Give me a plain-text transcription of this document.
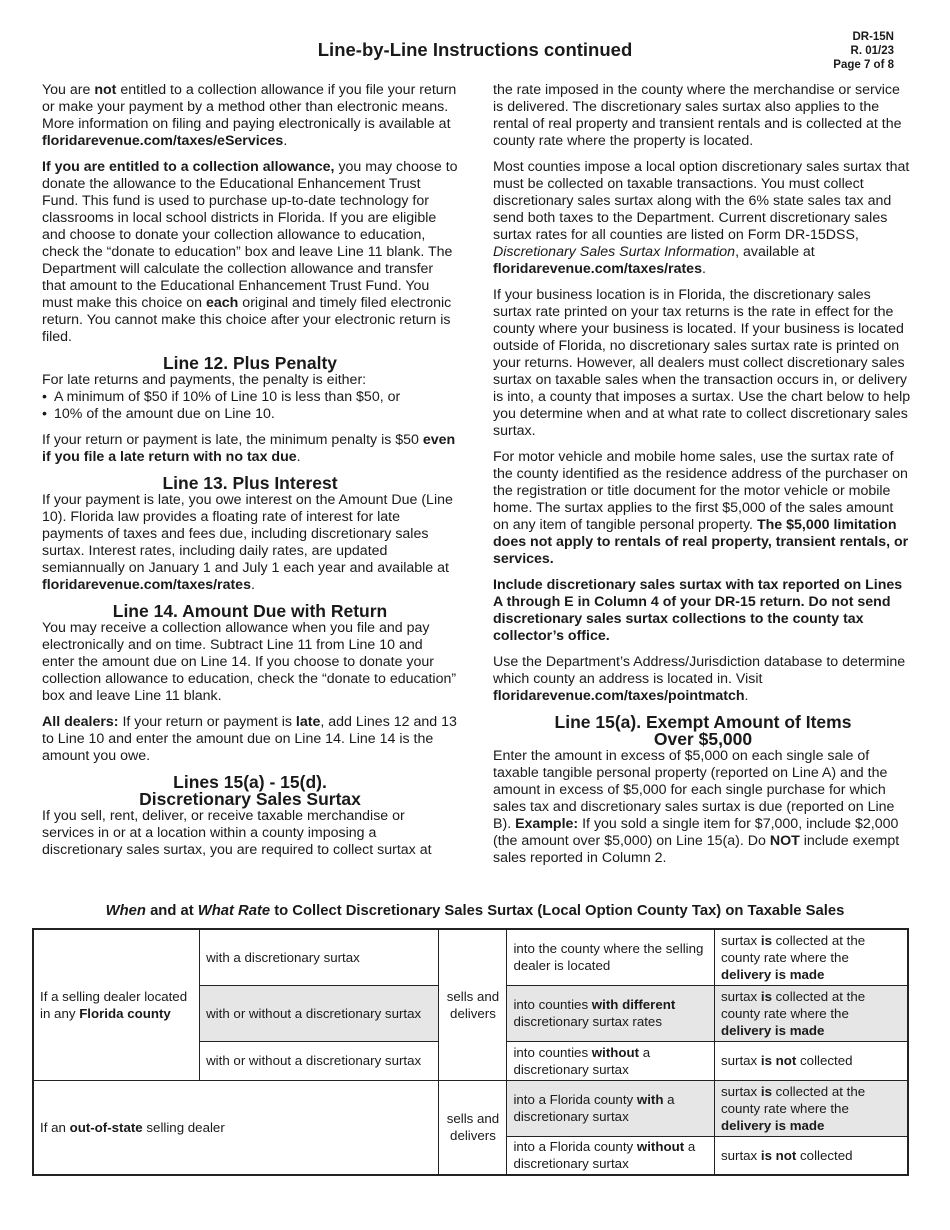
Line-by-Line Instructions continued
DR-15N
R. 01/23
Page 7 of 8

You are not entitled to a collection allowance if you file your return or make your payment by a method other than electronic means. More information on filing and paying electronically is available at floridarevenue.com/taxes/eServices.

If you are entitled to a collection allowance, you may choose to donate the allowance to the Educational Enhancement Trust Fund. This fund is used to purchase up-to-date technology for classrooms in local school districts in Florida. If you are eligible and choose to donate your collection allowance to education, check the “donate to education” box and leave Line 11 blank. The Department will calculate the collection allowance and transfer that amount to the Educational Enhancement Trust Fund. You must make this choice on each original and timely filed electronic return. You cannot make this choice after your electronic return is filed.

Line 12. Plus Penalty

For late returns and payments, the penalty is either:

• A minimum of $50 if 10% of Line 10 is less than $50, or
• 10% of the amount due on Line 10.

If your return or payment is late, the minimum penalty is $50 even if you file a late return with no tax due.

Line 13. Plus Interest

If your payment is late, you owe interest on the Amount Due (Line 10). Florida law provides a floating rate of interest for late payments of taxes and fees due, including discretionary sales surtax. Interest rates, including daily rates, are updated semiannually on January 1 and July 1 each year and available at floridarevenue.com/taxes/rates.

Line 14. Amount Due with Return

You may receive a collection allowance when you file and pay electronically and on time. Subtract Line 11 from Line 10 and enter the amount due on Line 14. If you choose to donate your collection allowance to education, check the “donate to education” box and leave Line 11 blank.

All dealers: If your return or payment is late, add Lines 12 and 13 to Line 10 and enter the amount due on Line 14. Line 14 is the amount you owe.

Lines 15(a) - 15(d).
Discretionary Sales Surtax

If you sell, rent, deliver, or receive taxable merchandise or services in or at a location within a county imposing a discretionary sales surtax, you are required to collect surtax at

the rate imposed in the county where the merchandise or service is delivered. The discretionary sales surtax also applies to the rental of real property and transient rentals and is collected at the county rate where the property is located.

Most counties impose a local option discretionary sales surtax that must be collected on taxable transactions. You must collect discretionary sales surtax along with the 6% state sales tax and send both taxes to the Department. Current discretionary sales surtax rates for all counties are listed on Form DR-15DSS, Discretionary Sales Surtax Information, available at floridarevenue.com/taxes/rates.

If your business location is in Florida, the discretionary sales surtax rate printed on your tax returns is the rate in effect for the county where your business is located. If your business is located outside of Florida, no discretionary sales surtax rate is printed on your returns. However, all dealers must collect discretionary sales surtax on taxable sales when the transaction occurs in, or delivery is into, a county that imposes a surtax. Use the chart below to help you determine when and at what rate to collect discretionary sales surtax.

For motor vehicle and mobile home sales, use the surtax rate of the county identified as the residence address of the purchaser on the registration or title document for the motor vehicle or mobile home. The surtax applies to the first $5,000 of the sales amount on any item of tangible personal property. The $5,000 limitation does not apply to rentals of real property, transient rentals, or services.

Include discretionary sales surtax with tax reported on Lines A through E in Column 4 of your DR-15 return. Do not send discretionary sales surtax collections to the county tax collector’s office.

Use the Department’s Address/Jurisdiction database to determine which county an address is located in. Visit floridarevenue.com/taxes/pointmatch.

Line 15(a). Exempt Amount of Items
Over $5,000

Enter the amount in excess of $5,000 on each single sale of taxable tangible personal property (reported on Line A) and the amount in excess of $5,000 for each single purchase for which sales tax and discretionary sales surtax is due (reported on Line B). Example: If you sold a single item for $7,000, include $2,000 (the amount over $5,000) on Line 15(a). Do NOT include exempt sales reported in Column 2.

When and at What Rate to Collect Discretionary Sales Surtax (Local Option County Tax) on Taxable Sales
If a selling dealer located in any Florida county	with a discretionary surtax	sells and delivers	into the county where the selling dealer is located	surtax is collected at the county rate where the delivery is made
	with or without a discretionary surtax		into counties with different discretionary surtax rates	surtax is collected at the county rate where the delivery is made
	with or without a discretionary surtax		into counties without a discretionary surtax	surtax is not collected
If an out-of-state selling dealer		sells and delivers	into a Florida county with a discretionary surtax	surtax is collected at the county rate where the delivery is made
			into a Florida county without a discretionary surtax	surtax is not collected
